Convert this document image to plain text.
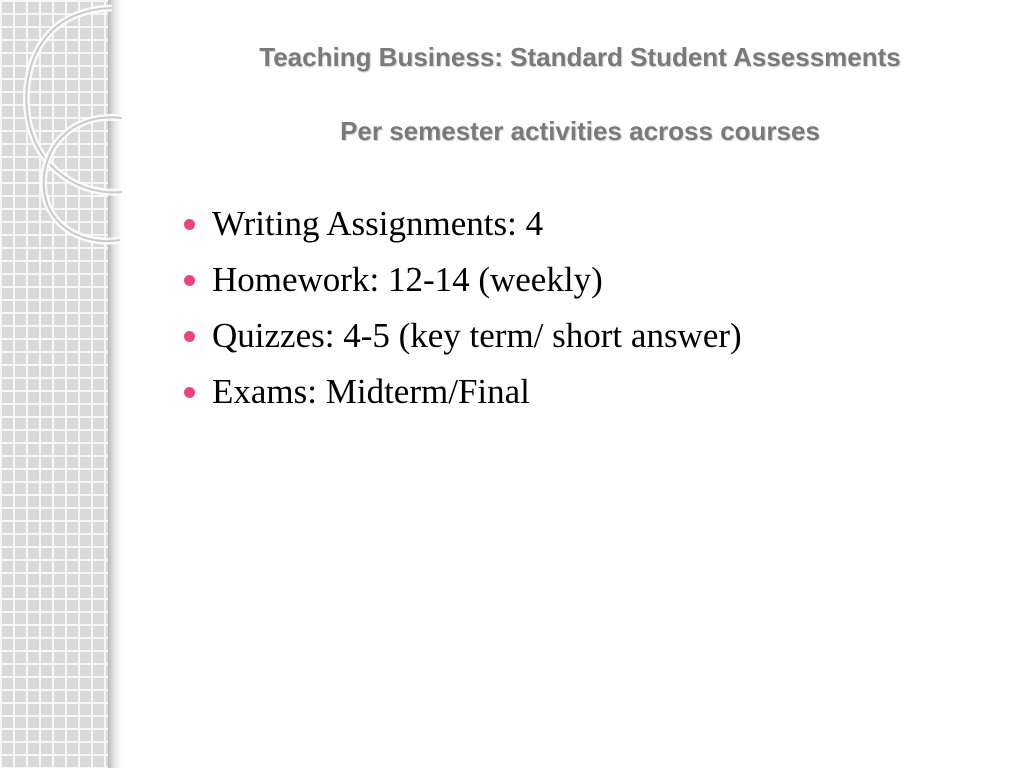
Teaching Business: Standard Student Assessments
Per semester activities across courses
Writing Assignments: 4
Homework: 12-14 (weekly)
Quizzes: 4-5 (key term/ short answer)
Exams: Midterm/Final
